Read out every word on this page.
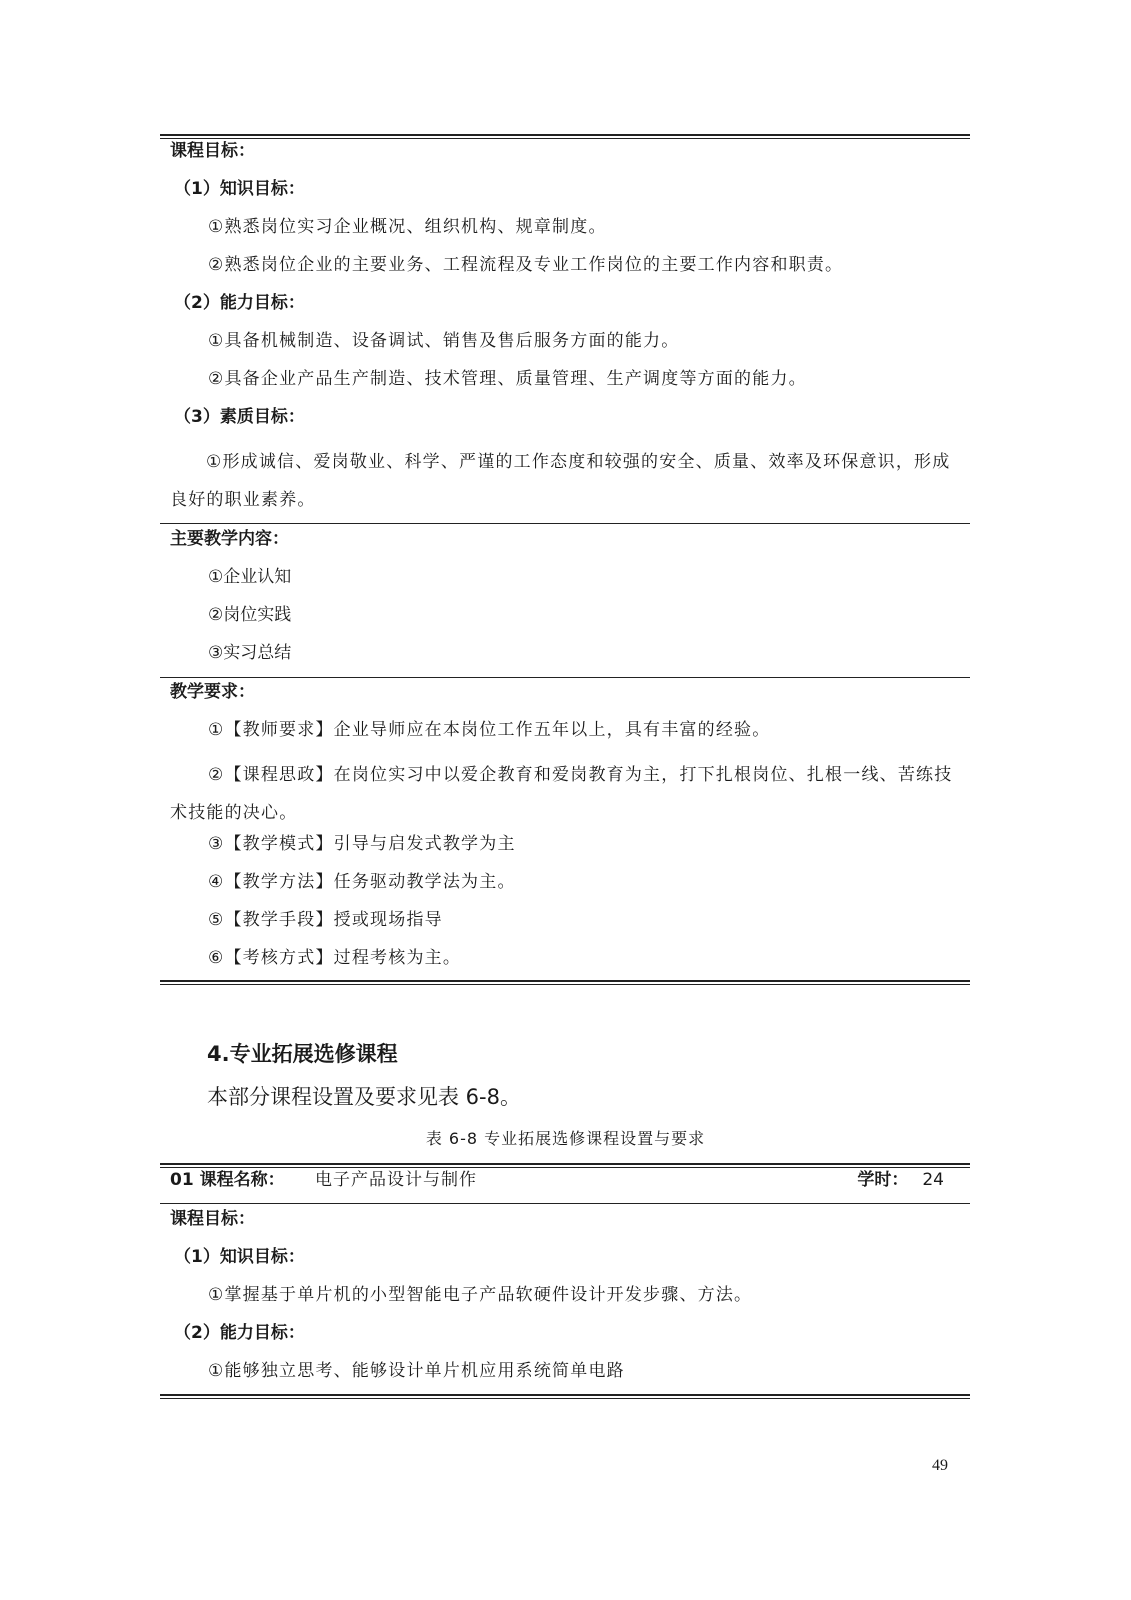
课程目标：
（1）知识目标：
①熟悉岗位实习企业概况、组织机构、规章制度。
②熟悉岗位企业的主要业务、工程流程及专业工作岗位的主要工作内容和职责。
（2）能力目标：
①具备机械制造、设备调试、销售及售后服务方面的能力。
②具备企业产品生产制造、技术管理、质量管理、生产调度等方面的能力。
（3）素质目标：
①形成诚信、爱岗敬业、科学、严谨的工作态度和较强的安全、质量、效率及环保意识，形成良好的职业素养。
主要教学内容：
①企业认知
②岗位实践
③实习总结
教学要求：
①【教师要求】企业导师应在本岗位工作五年以上，具有丰富的经验。
②【课程思政】在岗位实习中以爱企教育和爱岗教育为主，打下扎根岗位、扎根一线、苦练技术技能的决心。
③【教学模式】引导与启发式教学为主
④【教学方法】任务驱动教学法为主。
⑤【教学手段】授或现场指导
⑥【考核方式】过程考核为主。
4.专业拓展选修课程
本部分课程设置及要求见表 6-8。
表 6-8 专业拓展选修课程设置与要求
01 课程名称： 电子产品设计与制作	学时： 24
课程目标：
（1）知识目标：
①掌握基于单片机的小型智能电子产品软硬件设计开发步骤、方法。
（2）能力目标：
①能够独立思考、能够设计单片机应用系统简单电路
49
